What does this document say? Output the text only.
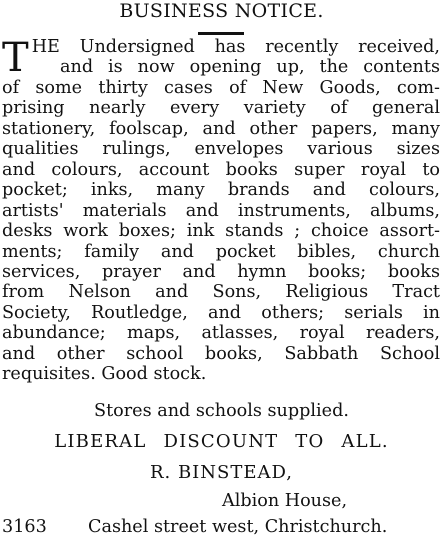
BUSINESS NOTICE.
T HE Undersigned has recently received,
and is now opening up, the contents
of some thirty cases of New Goods, com-
prising nearly every variety of general
stationery, foolscap, and other papers, many
qualities rulings, envelopes various sizes
and colours, account books super royal to
pocket; inks, many brands and colours,
artists' materials and instruments, albums,
desks work boxes; ink stands ; choice assort-
ments; family and pocket bibles, church
services, prayer and hymn books; books
from Nelson and Sons, Religious Tract
Society, Routledge, and others; serials in
abundance; maps, atlasses, royal readers,
and other school books, Sabbath School
requisites. Good stock.
Stores and schools supplied.
LIBERAL DISCOUNT TO ALL.
R. BINSTEAD,
Albion House,
3163 Cashel street west, Christchurch.
